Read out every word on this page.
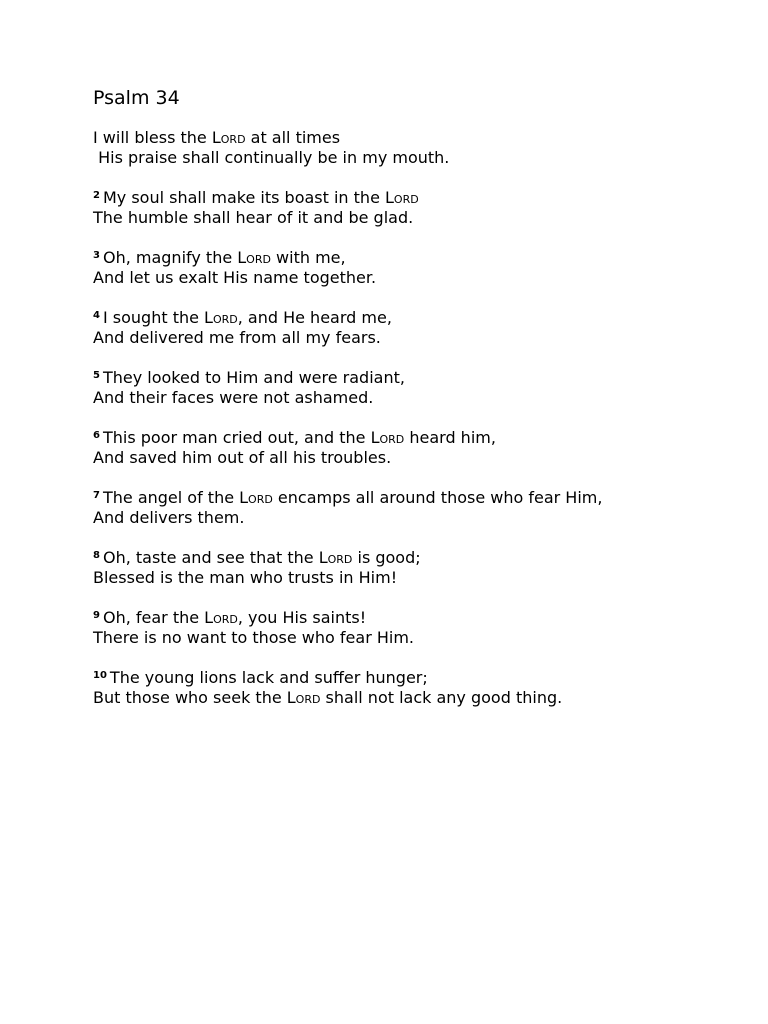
Psalm 34
I will bless the Lord at all times
His praise shall continually be in my mouth.
$^2$ My soul shall make its boast in the Lord
The humble shall hear of it and be glad.
$^3$ Oh, magnify the Lord with me,
And let us exalt His name together.
$^4$ I sought the Lord, and He heard me,
And delivered me from all my fears.
$^5$ They looked to Him and were radiant,
And their faces were not ashamed.
$^6$ This poor man cried out, and the Lord heard him,
And saved him out of all his troubles.
$^7$ The angel of the Lord encamps all around those who fear Him,
And delivers them.
$^8$ Oh, taste and see that the Lord is good;
Blessed is the man who trusts in Him!
$^9$ Oh, fear the Lord, you His saints!
There is no want to those who fear Him.
$^{10}$ The young lions lack and suffer hunger;
But those who seek the Lord shall not lack any good thing.
